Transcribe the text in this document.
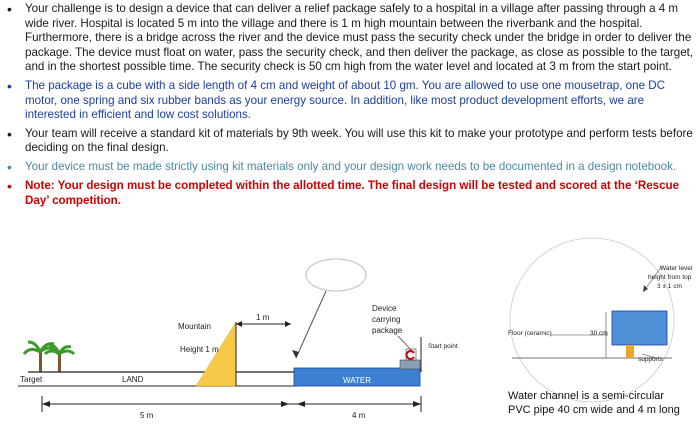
•	Your challenge is to design a device that can deliver a relief package safely to a hospital in a village after passing through a 4 m wide river. Hospital is located 5 m into the village and there is 1 m high mountain between the riverbank and the hospital. Furthermore, there is a bridge across the river and the device must pass the security check under the bridge in order to deliver the package. The device must float on water, pass the security check, and then deliver the package, as close as possible to the target, and in the shortest possible time. The security check is 50 cm high from the water level and located at 3 m from the start point.

•	The package is a cube with a side length of 4 cm and weight of about 10 gm. You are allowed to use one mousetrap, one DC motor, one spring and six rubber bands as your energy source. In addition, like most product development efforts, we are interested in efficient and low cost solutions.

•	Your team will receive a standard kit of materials by 9th week. You will use this kit to make your prototype and perform tests before deciding on the final design.

•	Your device must be made strictly using kit materials only and your design work needs to be documented in a design notebook.

•	Note: Your design must be completed within the allotted time. The final design will be tested and scored at the ‘Rescue Day’ competition.

Target	LAND
Mountain
Height 1 m
1 m
Device
carrying
package
Start point
WATER
5 m	4 m
Water level
height from top
3 ± 1 cm
Floor (ceramic)	30 cm
supports
Water channel is a semi-circular PVC pipe 40 cm wide and 4 m long
